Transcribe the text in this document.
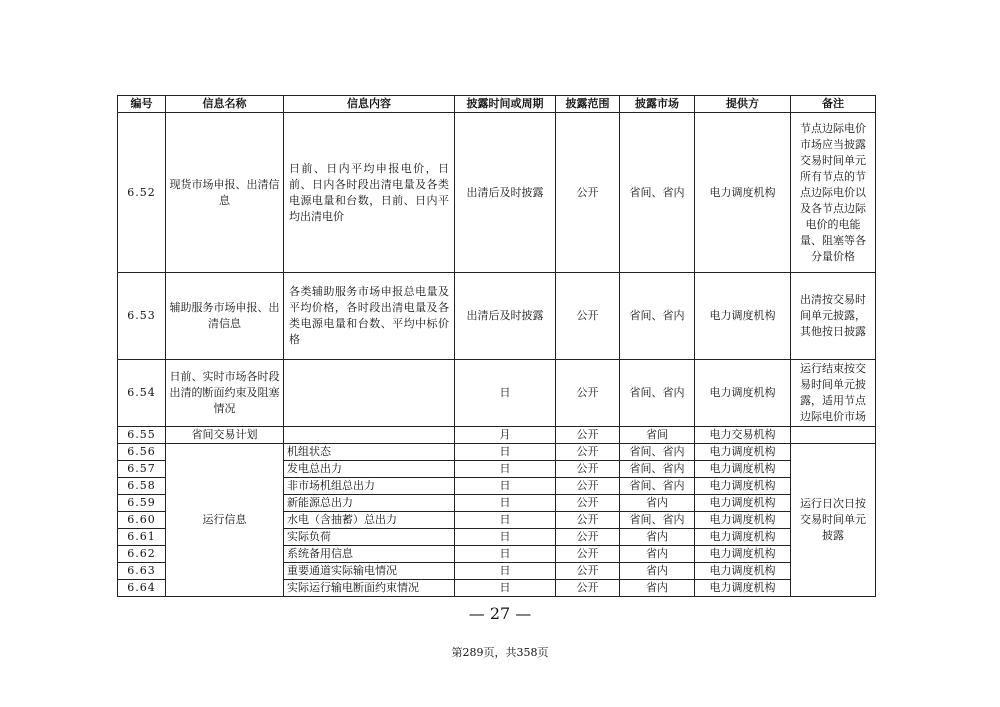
编号	信息名称	信息内容	披露时间或周期	披露范围	披露市场	提供方	备注
6.52	现货市场申报、出清信息	日前、日内平均申报电价，日前、日内各时段出清电量及各类电源电量和台数，日前、日内平均出清电价	出清后及时披露	公开	省间、省内	电力调度机构	节点边际电价市场应当披露交易时间单元所有节点的节点边际电价以及各节点边际电价的电能量、阻塞等各分量价格
6.53	辅助服务市场申报、出清信息	各类辅助服务市场申报总电量及平均价格，各时段出清电量及各类电源电量和台数、平均中标价格	出清后及时披露	公开	省间、省内	电力调度机构	出清按交易时间单元披露，其他按日披露
6.54	日前、实时市场各时段出清的断面约束及阻塞情况		日	公开	省间、省内	电力调度机构	运行结束按交易时间单元披露，适用节点边际电价市场
6.55	省间交易计划		月	公开	省间	电力交易机构	
6.56	运行信息	机组状态	日	公开	省间、省内	电力调度机构	运行日次日按交易时间单元披露
6.57		发电总出力	日	公开	省间、省内	电力调度机构	
6.58		非市场机组总出力	日	公开	省间、省内	电力调度机构	
6.59		新能源总出力	日	公开	省内	电力调度机构	
6.60		水电（含抽蓄）总出力	日	公开	省间、省内	电力调度机构	
6.61		实际负荷	日	公开	省内	电力调度机构	
6.62		系统备用信息	日	公开	省内	电力调度机构	
6.63		重要通道实际输电情况	日	公开	省内	电力调度机构	
6.64		实际运行输电断面约束情况	日	公开	省内	电力调度机构	
— 27 —
第289页，共358页
